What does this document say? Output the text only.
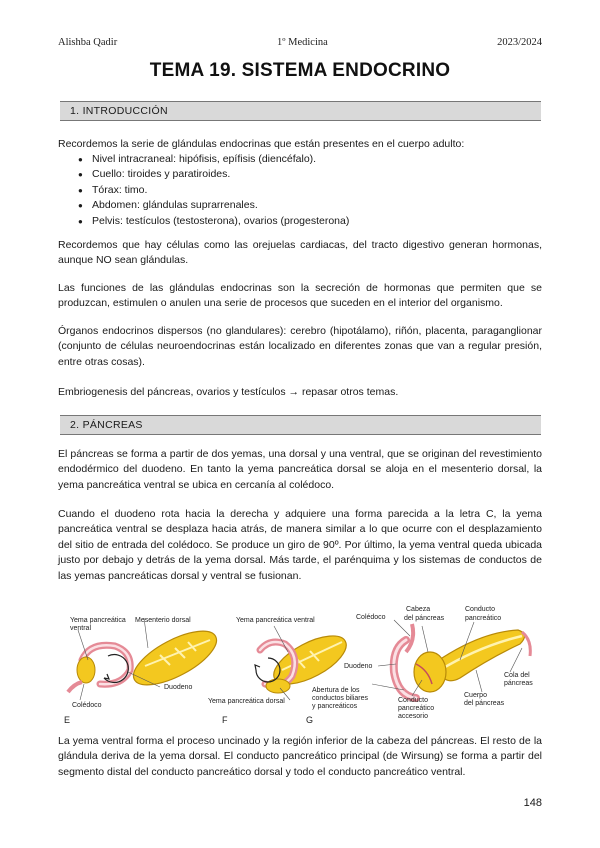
Alishba Qadir	1º Medicina	2023/2024
TEMA 19. SISTEMA ENDOCRINO
1. INTRODUCCIÓN

Recordemos la serie de glándulas endocrinas que están presentes en el cuerpo adulto:

● Nivel intracraneal: hipófisis, epífisis (diencéfalo).
● Cuello: tiroides y paratiroides.
● Tórax: timo.
● Abdomen: glándulas suprarrenales.
● Pelvis: testículos (testosterona), ovarios (progesterona)

Recordemos que hay células como las orejuelas cardiacas, del tracto digestivo generan hormonas, aunque NO sean glándulas.

Las funciones de las glándulas endocrinas son la secreción de hormonas que permiten que se produzcan, estimulen o anulen una serie de procesos que suceden en el interior del organismo.

Órganos endocrinos dispersos (no glandulares): cerebro (hipotálamo), riñón, placenta, paraganglionar (conjunto de células neuroendocrinas están localizado en diferentes zonas que van a regular presión, entre otras cosas).

Embriogenesis del páncreas, ovarios y testículos → repasar otros temas.

2. PÁNCREAS

El páncreas se forma a partir de dos yemas, una dorsal y una ventral, que se originan del revestimiento endodérmico del duodeno. En tanto la yema pancreática dorsal se aloja en el mesenterio dorsal, la yema pancreática ventral se ubica en cercanía al colédoco.

Cuando el duodeno rota hacia la derecha y adquiere una forma parecida a la letra C, la yema pancreática ventral se desplaza hacia atrás, de manera similar a lo que ocurre con el desplazamiento del sitio de entrada del colédoco. Se produce un giro de 90º. Por último, la yema ventral queda ubicada justo por debajo y detrás de la yema dorsal. Más tarde, el parénquima y los sistemas de conductos de las yemas pancreáticas dorsal y ventral se fusionan.

Yema pancreática
ventral
Mesenterio dorsal
Duodeno
Colédoco
E
Yema pancreática ventral
Yema pancreática dorsal
F
Colédoco
Cabeza
del páncreas
Conducto
pancreático
Duodeno
Abertura de los
conductos biliares
y pancreáticos
Conducto
pancreático
accesorio
Cuerpo
del páncreas
Cola del
páncreas
G

La yema ventral forma el proceso uncinado y la región inferior de la cabeza del páncreas. El resto de la glándula deriva de la yema dorsal. El conducto pancreático principal (de Wirsung) se forma a partir del segmento distal del conducto pancreático dorsal y todo el conducto pancreático ventral.

148
